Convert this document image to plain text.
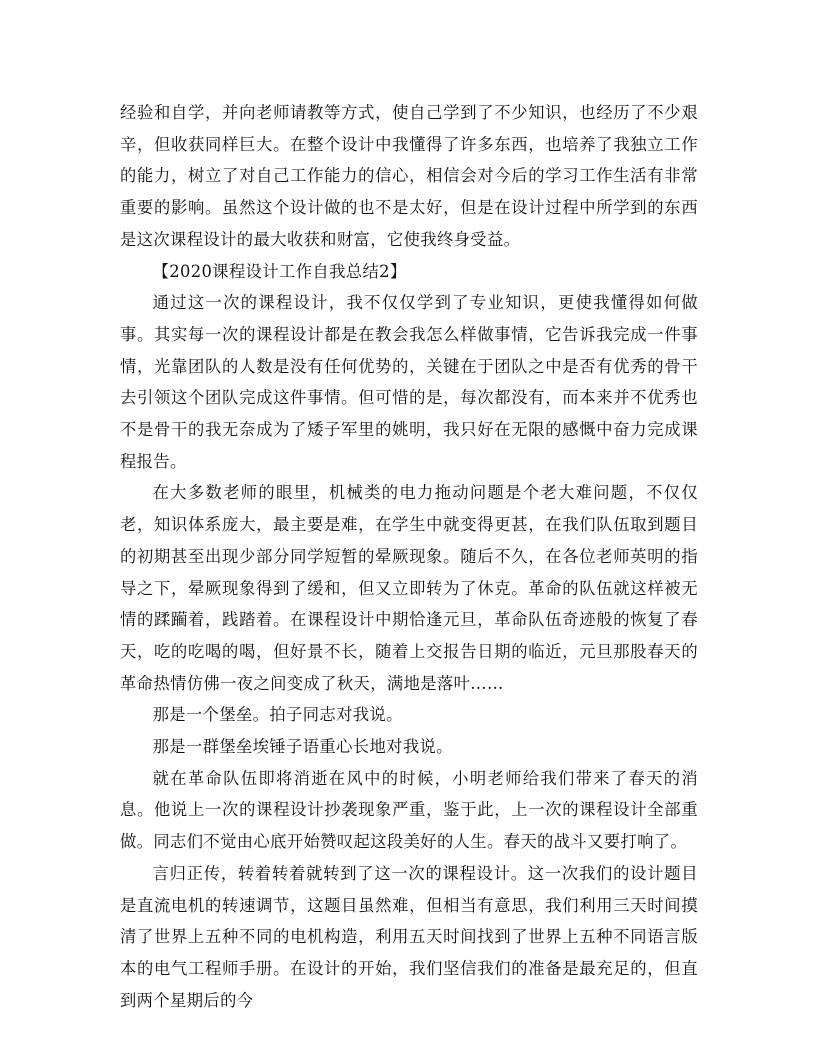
经验和自学，并向老师请教等方式，使自己学到了不少知识，也经历了不少艰辛，但收获同样巨大。在整个设计中我懂得了许多东西，也培养了我独立工作的能力，树立了对自己工作能力的信心，相信会对今后的学习工作生活有非常重要的影响。虽然这个设计做的也不是太好，但是在设计过程中所学到的东西是这次课程设计的最大收获和财富，它使我终身受益。

【2020课程设计工作自我总结2】

通过这一次的课程设计，我不仅仅学到了专业知识，更使我懂得如何做事。其实每一次的课程设计都是在教会我怎么样做事情，它告诉我完成一件事情，光靠团队的人数是没有任何优势的，关键在于团队之中是否有优秀的骨干去引领这个团队完成这件事情。但可惜的是，每次都没有，而本来并不优秀也不是骨干的我无奈成为了矮子军里的姚明，我只好在无限的感慨中奋力完成课程报告。

在大多数老师的眼里，机械类的电力拖动问题是个老大难问题，不仅仅老，知识体系庞大，最主要是难，在学生中就变得更甚，在我们队伍取到题目的初期甚至出现少部分同学短暂的晕厥现象。随后不久，在各位老师英明的指导之下，晕厥现象得到了缓和，但又立即转为了休克。革命的队伍就这样被无情的蹂躏着，践踏着。在课程设计中期恰逢元旦，革命队伍奇迹般的恢复了春天，吃的吃喝的喝，但好景不长，随着上交报告日期的临近，元旦那股春天的革命热情仿佛一夜之间变成了秋天，满地是落叶……

那是一个堡垒。拍子同志对我说。

那是一群堡垒埃锤子语重心长地对我说。

就在革命队伍即将消逝在风中的时候，小明老师给我们带来了春天的消息。他说上一次的课程设计抄袭现象严重，鉴于此，上一次的课程设计全部重做。同志们不觉由心底开始赞叹起这段美好的人生。春天的战斗又要打响了。

言归正传，转着转着就转到了这一次的课程设计。这一次我们的设计题目是直流电机的转速调节，这题目虽然难，但相当有意思，我们利用三天时间摸清了世界上五种不同的电机构造，利用五天时间找到了世界上五种不同语言版本的电气工程师手册。在设计的开始，我们坚信我们的准备是最充足的，但直到两个星期后的今
